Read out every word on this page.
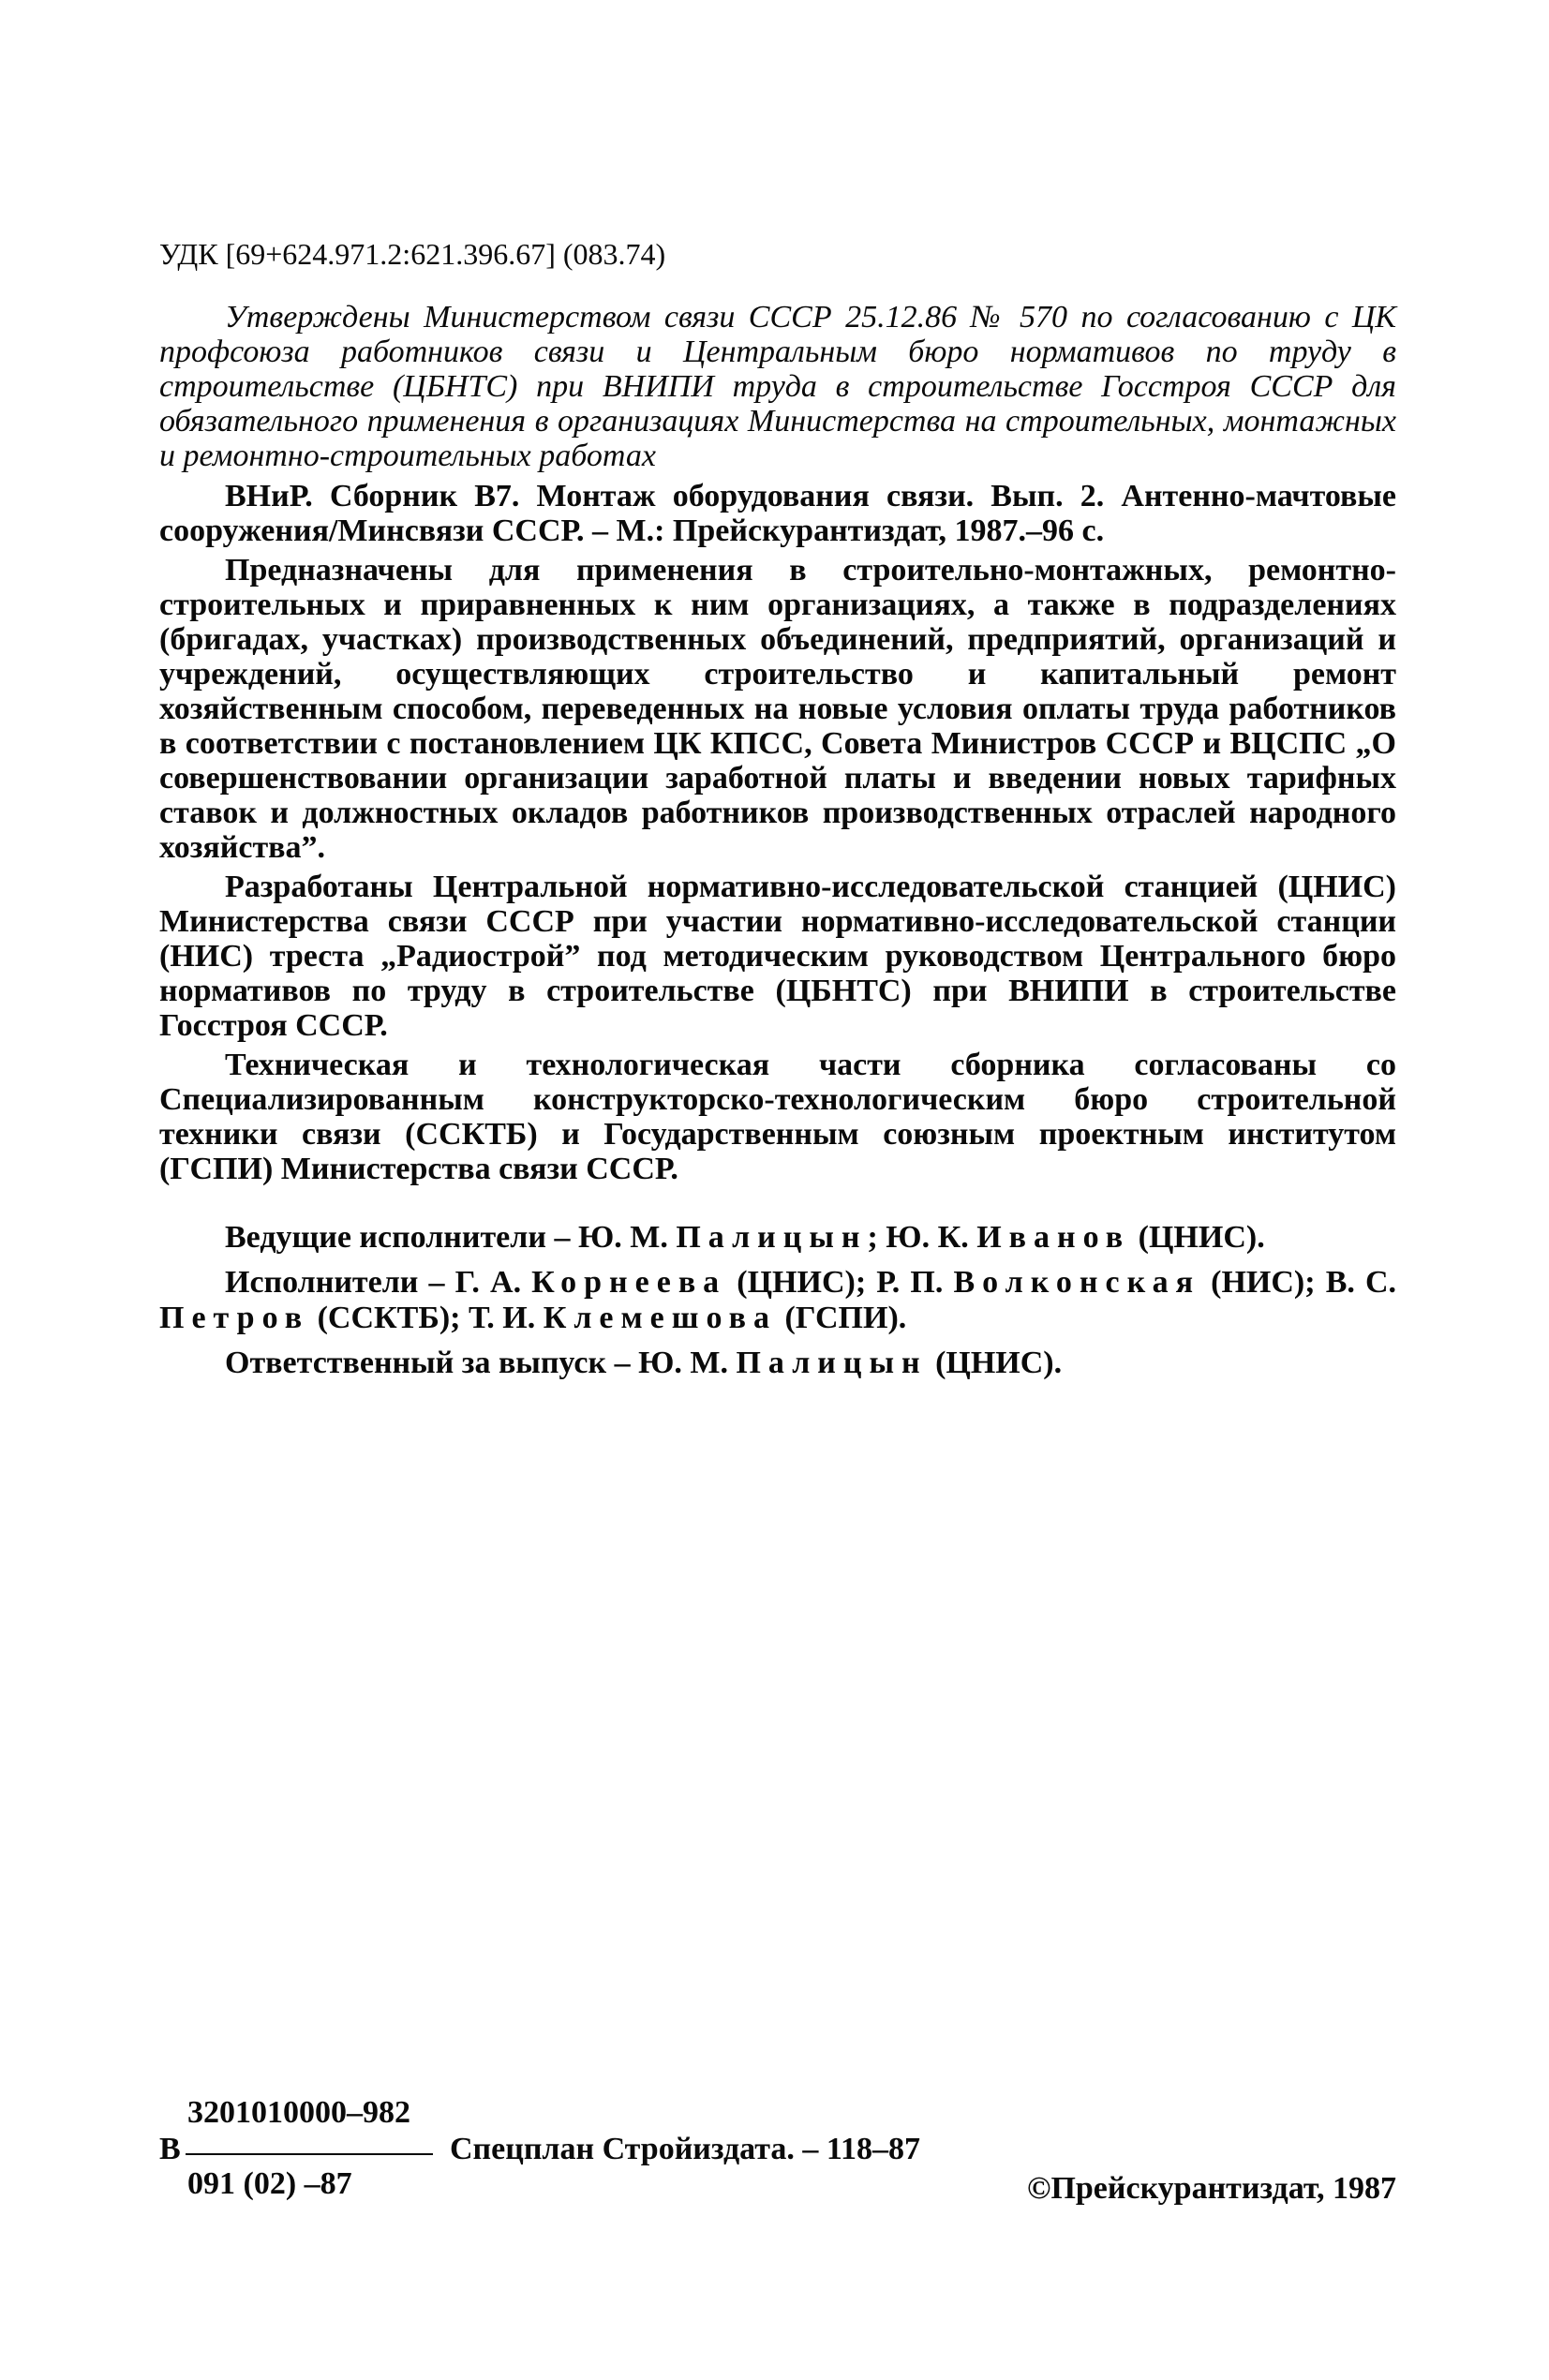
УДК [69+624.971.2:621.396.67] (083.74)

Утверждены Министерством связи СССР 25.12.86 № 570 по согласованию с ЦК профсоюза работников связи и Центральным бюро нормативов по труду в строительстве (ЦБНТС) при ВНИПИ труда в строительстве Госстроя СССР для обязательного применения в организациях Министерства на строительных, монтажных и ремонтно-строительных работах

ВНиР. Сборник В7. Монтаж оборудования связи. Вып. 2. Антенно-мачтовые сооружения/Минсвязи СССР. – М.: Прейскурантиздат, 1987.–96 с.

Предназначены для применения в строительно-монтажных, ремонтно-строительных и приравненных к ним организациях, а также в подразделениях (бригадах, участках) производственных объединений, предприятий, организаций и учреждений, осуществляющих строительство и капитальный ремонт хозяйственным способом, переведенных на новые условия оплаты труда работников в соответствии с постановлением ЦК КПСС, Совета Министров СССР и ВЦСПС „О совершенствовании организации заработной платы и введении новых тарифных ставок и должностных окладов работников производственных отраслей народного хозяйства”.

Разработаны Центральной нормативно-исследовательской станцией (ЦНИС) Министерства связи СССР при участии нормативно-исследовательской станции (НИС) треста „Радиострой” под методическим руководством Центрального бюро нормативов по труду в строительстве (ЦБНТС) при ВНИПИ в строительстве Госстроя СССР.

Техническая и технологическая части сборника согласованы со Специализированным конструкторско-технологическим бюро строительной техники связи (ССКТБ) и Государственным союзным проектным институтом (ГСПИ) Министерства связи СССР.

Ведущие исполнители – Ю. М. Палицын; Ю. К. Иванов (ЦНИС).

Исполнители – Г. А. Корнеева (ЦНИС); Р. П. Волконская (НИС); В. С. Петров (ССКТБ); Т. И. Клемешова (ГСПИ).

Ответственный за выпуск – Ю. М. Палицын (ЦНИС).

В
3201010000–982
091 (02) –87
Спецплан Стройиздата. – 118–87
©Прейскурантиздат, 1987
